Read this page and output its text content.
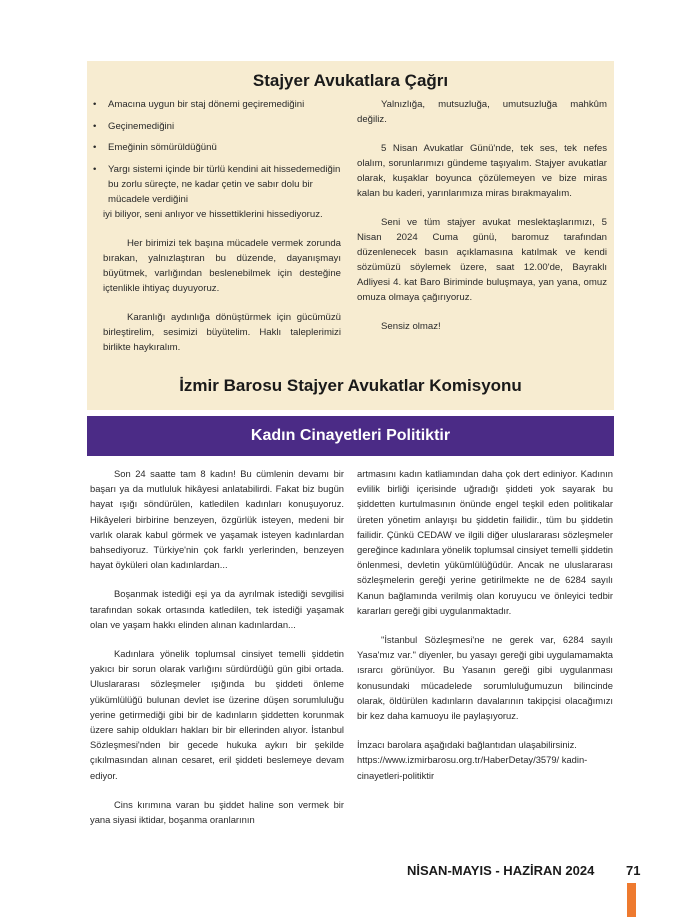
Stajyer Avukatlara Çağrı
• Amacına uygun bir staj dönemi geçiremediğini
• Geçinemediğini
• Emeğinin sömürüldüğünü
• Yargı sistemi içinde bir türlü kendini ait hissedemediğin bu zorlu süreçte, ne kadar çetin ve sabır dolu bir mücadele verdiğini

iyi biliyor, seni anlıyor ve hissettiklerini hissediyoruz.

Her birimizi tek başına mücadele vermek zorunda bırakan, yalnızlaştıran bu düzende, dayanışmayı büyütmek, varlığından beslenebilmek için desteğine içtenlikle ihtiyaç duyuyoruz.

Karanlığı aydınlığa dönüştürmek için gücümüzü birleştirelim, sesimizi büyütelim. Haklı taleplerimizi birlikte haykıralım.

Yalnızlığa, mutsuzluğa, umutsuzluğa mahkûm değiliz.

5 Nisan Avukatlar Günü'nde, tek ses, tek nefes olalım, sorunlarımızı gündeme taşıyalım. Stajyer avukatlar olarak, kuşaklar boyunca çözülemeyen ve bize miras kalan bu kaderi, yarınlarımıza miras bırakmayalım.

Seni ve tüm stajyer avukat meslektaşlarımızı, 5 Nisan 2024 Cuma günü, baromuz tarafından düzenlenecek basın açıklamasına katılmak ve kendi sözümüzü söylemek üzere, saat 12.00'de, Bayraklı Adliyesi 4. kat Baro Biriminde buluşmaya, yan yana, omuz omuza olmaya çağırıyoruz.

Sensiz olmaz!

İzmir Barosu Stajyer Avukatlar Komisyonu
Kadın Cinayetleri Politiktir

Son 24 saatte tam 8 kadın! Bu cümlenin devamı bir başarı ya da mutluluk hikâyesi anlatabilirdi. Fakat biz bugün hayat ışığı söndürülen, katledilen kadınları konuşuyoruz. Hikâyeleri birbirine benzeyen, özgürlük isteyen, medeni bir varlık olarak kabul görmek ve yaşamak isteyen kadınlardan bahsediyoruz. Türkiye'nin çok farklı yerlerinden, benzeyen hayat öyküleri olan kadınlardan...

Boşanmak istediği eşi ya da ayrılmak istediği sevgilisi tarafından sokak ortasında katledilen, tek istediği yaşamak olan ve yaşam hakkı elinden alınan kadınlardan...

Kadınlara yönelik toplumsal cinsiyet temelli şiddetin yakıcı bir sorun olarak varlığını sürdürdüğü gün gibi ortada. Uluslararası sözleşmeler ışığında bu şiddeti önleme yükümlülüğü bulunan devlet ise üzerine düşen sorumluluğu yerine getirmediği gibi bir de kadınların şiddetten korunmak üzere sahip oldukları hakları bir bir ellerinden alıyor. İstanbul Sözleşmesi'nden bir gecede hukuka aykırı bir şekilde çıkılmasından alınan cesaret, eril şiddeti beslemeye devam ediyor.

Cins kırımına varan bu şiddet haline son vermek bir yana siyasi iktidar, boşanma oranlarının

artmasını kadın katliamından daha çok dert ediniyor. Kadının evlilik birliği içerisinde uğradığı şiddeti yok sayarak bu şiddetten kurtulmasının önünde engel teşkil eden politikalar üreten yönetim anlayışı bu şiddetin failidir., tüm bu şiddetin failidir. Çünkü CEDAW ve ilgili diğer uluslararası sözleşmeler gereğince kadınlara yönelik toplumsal cinsiyet temelli şiddetin önlenmesi, devletin yükümlülüğüdür. Ancak ne uluslararası sözleşmelerin gereği yerine getirilmekte ne de 6284 sayılı Kanun bağlamında verilmiş olan koruyucu ve önleyici tedbir kararları gereği gibi uygulanmaktadır.

"İstanbul Sözleşmesi'ne ne gerek var, 6284 sayılı Yasa'mız var." diyenler, bu yasayı gereği gibi uygulamamakta ısrarcı görünüyor. Bu Yasanın gereği gibi uygulanması konusundaki mücadelede sorumluluğumuzun bilincinde olarak, öldürülen kadınların davalarının takipçisi olacağımızı bir kez daha kamuoyu ile paylaşıyoruz.

İmzacı barolara aşağıdaki bağlantıdan ulaşabilirsiniz.

https://www.izmirbarosu.org.tr/HaberDetay/3579/ kadin-cinayetleri-politiktir

NİSAN-MAYIS - HAZİRAN 2024 71
